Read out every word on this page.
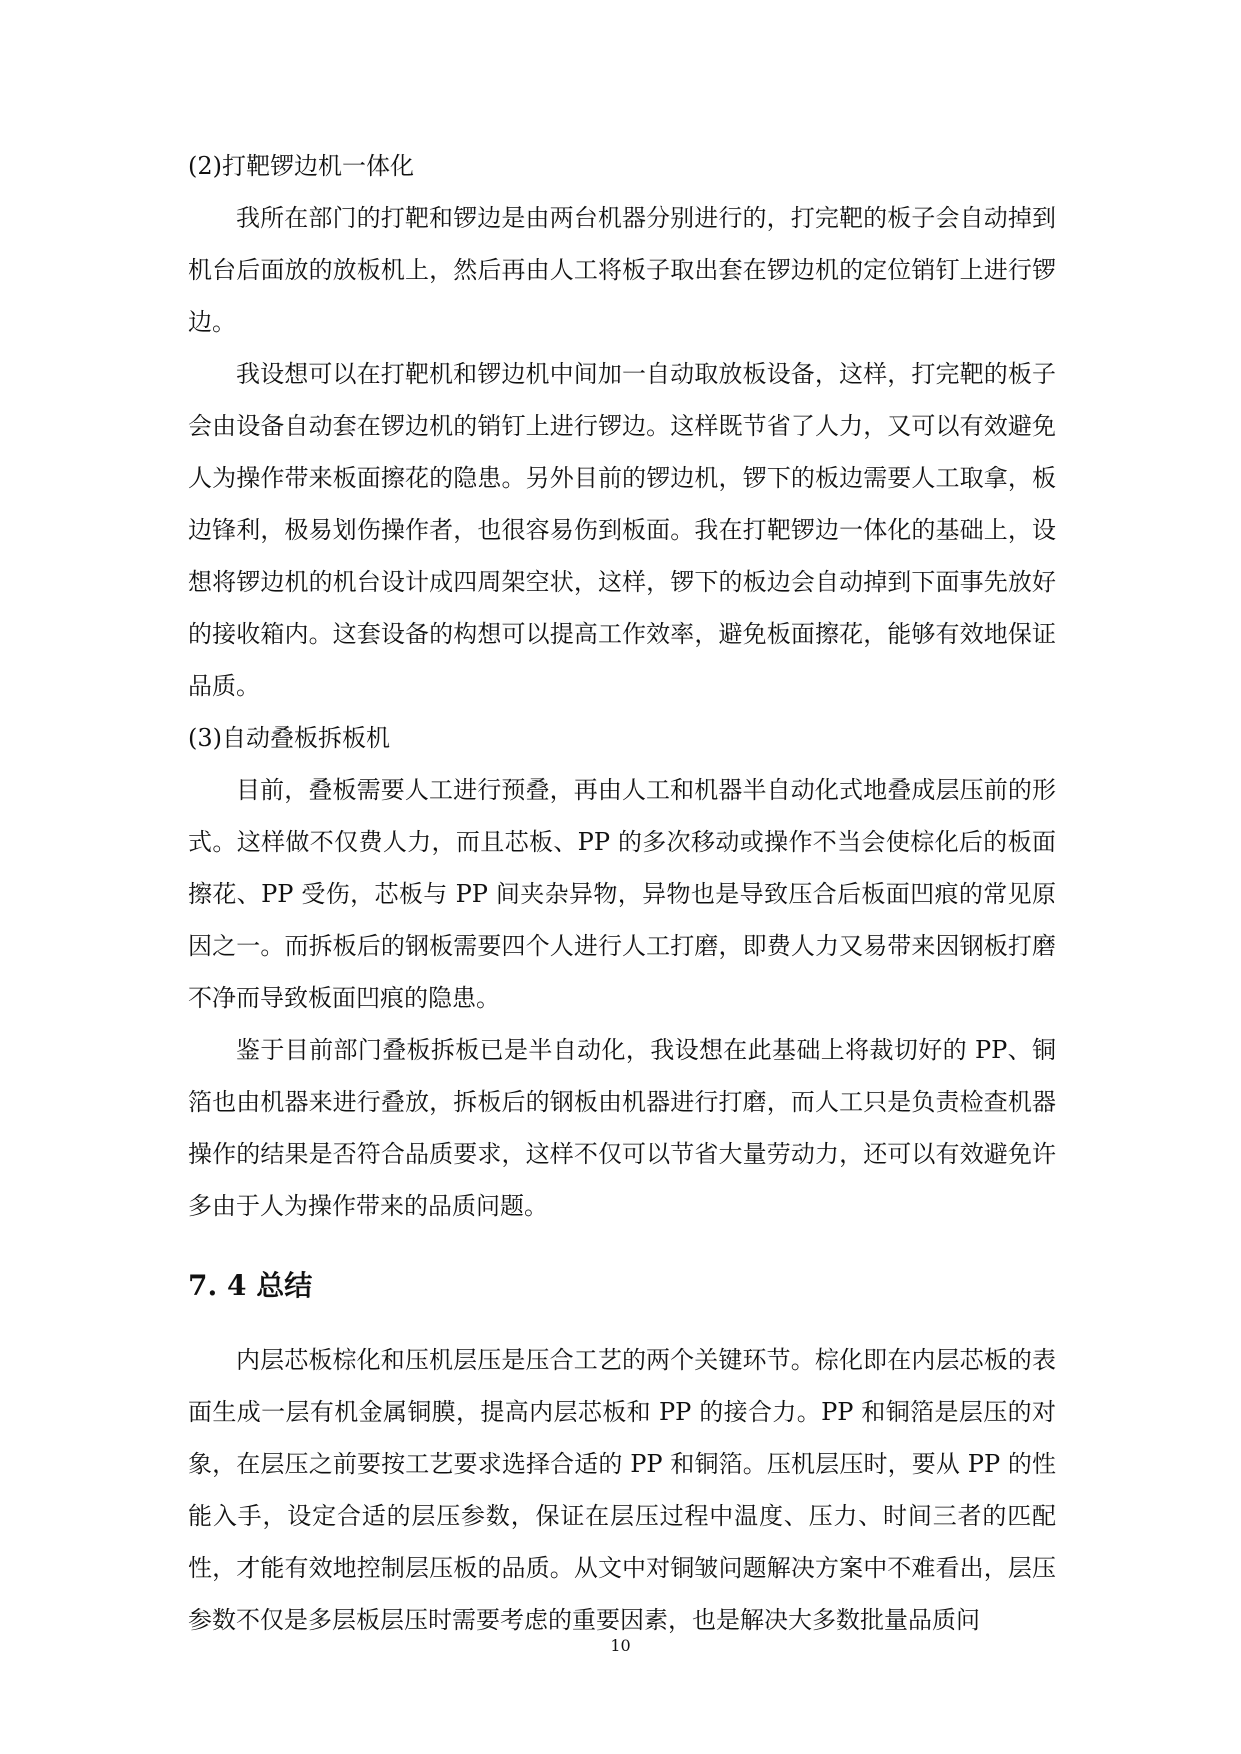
(2)打靶锣边机一体化

我所在部门的打靶和锣边是由两台机器分别进行的，打完靶的板子会自动掉到机台后面放的放板机上，然后再由人工将板子取出套在锣边机的定位销钉上进行锣边。

我设想可以在打靶机和锣边机中间加一自动取放板设备，这样，打完靶的板子会由设备自动套在锣边机的销钉上进行锣边。这样既节省了人力，又可以有效避免人为操作带来板面擦花的隐患。另外目前的锣边机，锣下的板边需要人工取拿，板边锋利，极易划伤操作者，也很容易伤到板面。我在打靶锣边一体化的基础上，设想将锣边机的机台设计成四周架空状，这样，锣下的板边会自动掉到下面事先放好的接收箱内。这套设备的构想可以提高工作效率，避免板面擦花，能够有效地保证品质。

(3)自动叠板拆板机

目前，叠板需要人工进行预叠，再由人工和机器半自动化式地叠成层压前的形式。这样做不仅费人力，而且芯板、PP 的多次移动或操作不当会使棕化后的板面擦花、PP 受伤，芯板与 PP 间夹杂异物，异物也是导致压合后板面凹痕的常见原因之一。而拆板后的钢板需要四个人进行人工打磨，即费人力又易带来因钢板打磨不净而导致板面凹痕的隐患。

鉴于目前部门叠板拆板已是半自动化，我设想在此基础上将裁切好的 PP、铜箔也由机器来进行叠放，拆板后的钢板由机器进行打磨，而人工只是负责检查机器操作的结果是否符合品质要求，这样不仅可以节省大量劳动力，还可以有效避免许多由于人为操作带来的品质问题。

7. 4 总结

内层芯板棕化和压机层压是压合工艺的两个关键环节。棕化即在内层芯板的表面生成一层有机金属铜膜，提高内层芯板和 PP 的接合力。PP 和铜箔是层压的对象，在层压之前要按工艺要求选择合适的 PP 和铜箔。压机层压时，要从 PP 的性能入手，设定合适的层压参数，保证在层压过程中温度、压力、时间三者的匹配性，才能有效地控制层压板的品质。从文中对铜皱问题解决方案中不难看出，层压参数不仅是多层板层压时需要考虑的重要因素，也是解决大多数批量品质问

10
